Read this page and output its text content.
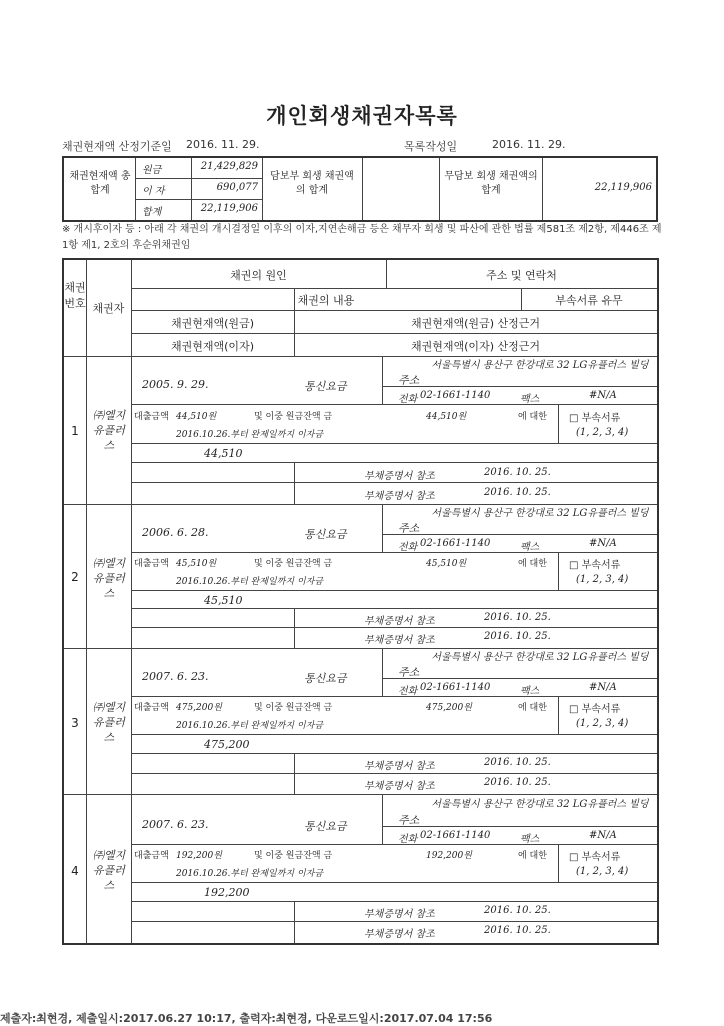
개인회생채권자목록
채권현재액 산정기준일 2016. 11. 29.	목록작성일	2016. 11. 29.
채권현재액 총합계
원금	21,429,829
이 자	690,077
합계	22,119,906
담보부 회생 채권액의 합계
무담보 회생 채권액의 합계	22,119,906
※ 개시후이자 등 : 아래 각 채권의 개시결정일 이후의 이자,지연손해금 등은 채무자 회생 및 파산에 관한 법률 제581조 제2항, 제446조 제1항 제1, 2호의 후순위채권임
채권번호 채권자
채권의 원인	주소 및 연락처
채권의 내용	부속서류 유무
채권현재액(원금)	채권현재액(원금) 산정근거
채권현재액(이자)	채권현재액(이자) 산정근거
1
㈜엘지유플러스
2005. 9. 29.	통신요금	주소
서울특별시 용산구 한강대로 32 LG유플러스 빌딩
전화 02-1661-1140	팩스	#N/A
대출금액 44,510원	및 이중 원금잔액 금	44,510원	에 대한
2016.10.26.부터 완제일까지 이자금
□ 부속서류
(1, 2, 3, 4)
44,510
부채증명서 참조	2016. 10. 25.
부채증명서 참조	2016. 10. 25.
2
㈜엘지유플러스
2006. 6. 28.	통신요금	주소
서울특별시 용산구 한강대로 32 LG유플러스 빌딩
전화 02-1661-1140	팩스	#N/A
대출금액 45,510원	및 이중 원금잔액 금	45,510원	에 대한
2016.10.26.부터 완제일까지 이자금
□ 부속서류
(1, 2, 3, 4)
45,510
부채증명서 참조	2016. 10. 25.
부채증명서 참조	2016. 10. 25.
3
㈜엘지유플러스
2007. 6. 23.	통신요금	주소
서울특별시 용산구 한강대로 32 LG유플러스 빌딩
전화 02-1661-1140	팩스	#N/A
대출금액 475,200원	및 이중 원금잔액 금	475,200원	에 대한
2016.10.26.부터 완제일까지 이자금
□ 부속서류
(1, 2, 3, 4)
475,200
부채증명서 참조	2016. 10. 25.
부채증명서 참조	2016. 10. 25.
4
㈜엘지유플러스
2007. 6. 23.	통신요금	주소
서울특별시 용산구 한강대로 32 LG유플러스 빌딩
전화 02-1661-1140	팩스	#N/A
대출금액 192,200원	및 이중 원금잔액 금	192,200원	에 대한
2016.10.26.부터 완제일까지 이자금
□ 부속서류
(1, 2, 3, 4)
192,200
부채증명서 참조	2016. 10. 25.
부채증명서 참조	2016. 10. 25.
제출자:최현경, 제출일시:2017.06.27 10:17, 출력자:최현경, 다운로드일시:2017.07.04 17:56
